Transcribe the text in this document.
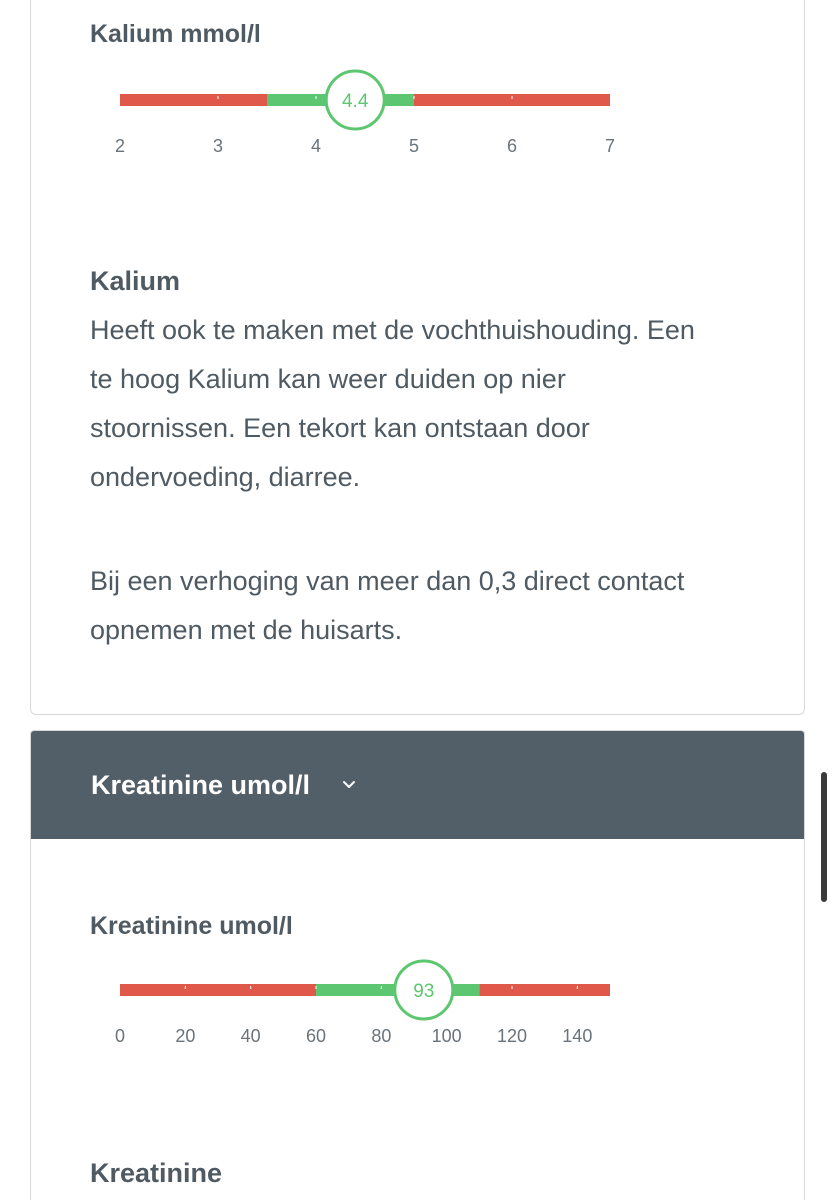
Kalium mmol/l
2	3	4	5	6	7
4.4
Kalium
Heeft ook te maken met de vochthuishouding. Een
te hoog Kalium kan weer duiden op nier
stoornissen. Een tekort kan ontstaan door
ondervoeding, diarree.
Bij een verhoging van meer dan 0,3 direct contact
opnemen met de huisarts.
Kreatinine umol/l
Kreatinine umol/l
0	20	40	60	80 100 120 140
93
Kreatinine
